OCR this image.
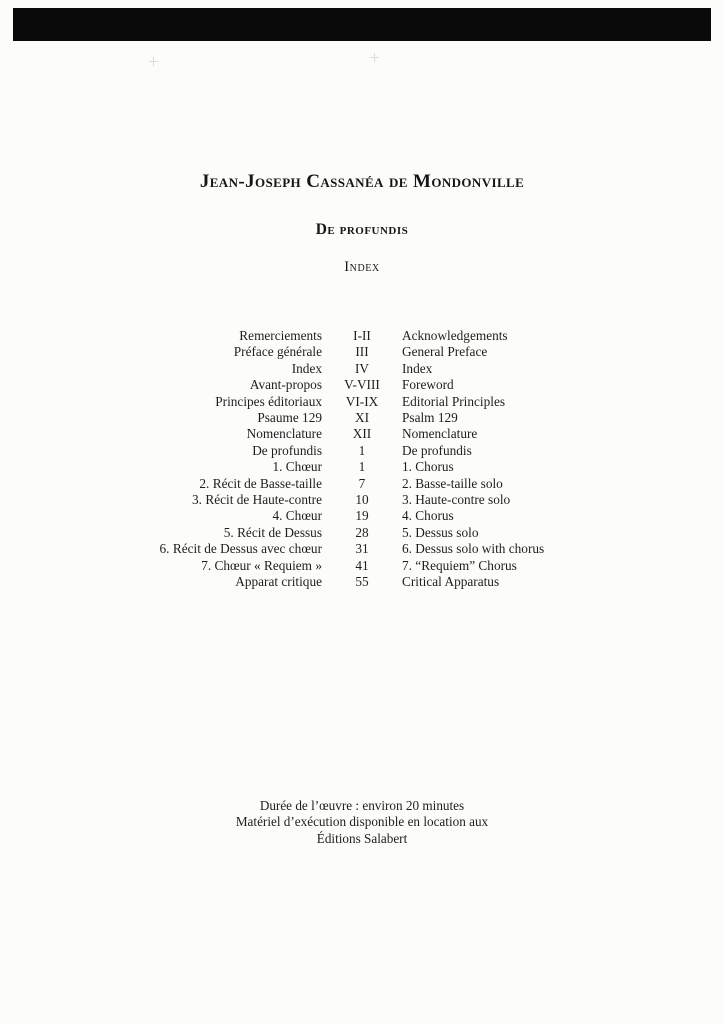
Jean-Joseph Cassanéa de Mondonville
De profundis
Index
Remerciements	I-II	Acknowledgements
Préface générale	III	General Preface
Index	IV	Index
Avant-propos	V-VIII	Foreword
Principes éditoriaux	VI-IX	Editorial Principles
Psaume 129	XI	Psalm 129
Nomenclature	XII	Nomenclature
De profundis	1	De profundis
1. Chœur	1	1. Chorus
2. Récit de Basse-taille	7	2. Basse-taille solo
3. Récit de Haute-contre	10	3. Haute-contre solo
4. Chœur	19	4. Chorus
5. Récit de Dessus	28	5. Dessus solo
6. Récit de Dessus avec chœur	31	6. Dessus solo with chorus
7. Chœur « Requiem »	41	7. “Requiem” Chorus
Apparat critique	55	Critical Apparatus
Durée de l’œuvre : environ 20 minutes
Matériel d’exécution disponible en location aux
Éditions Salabert
